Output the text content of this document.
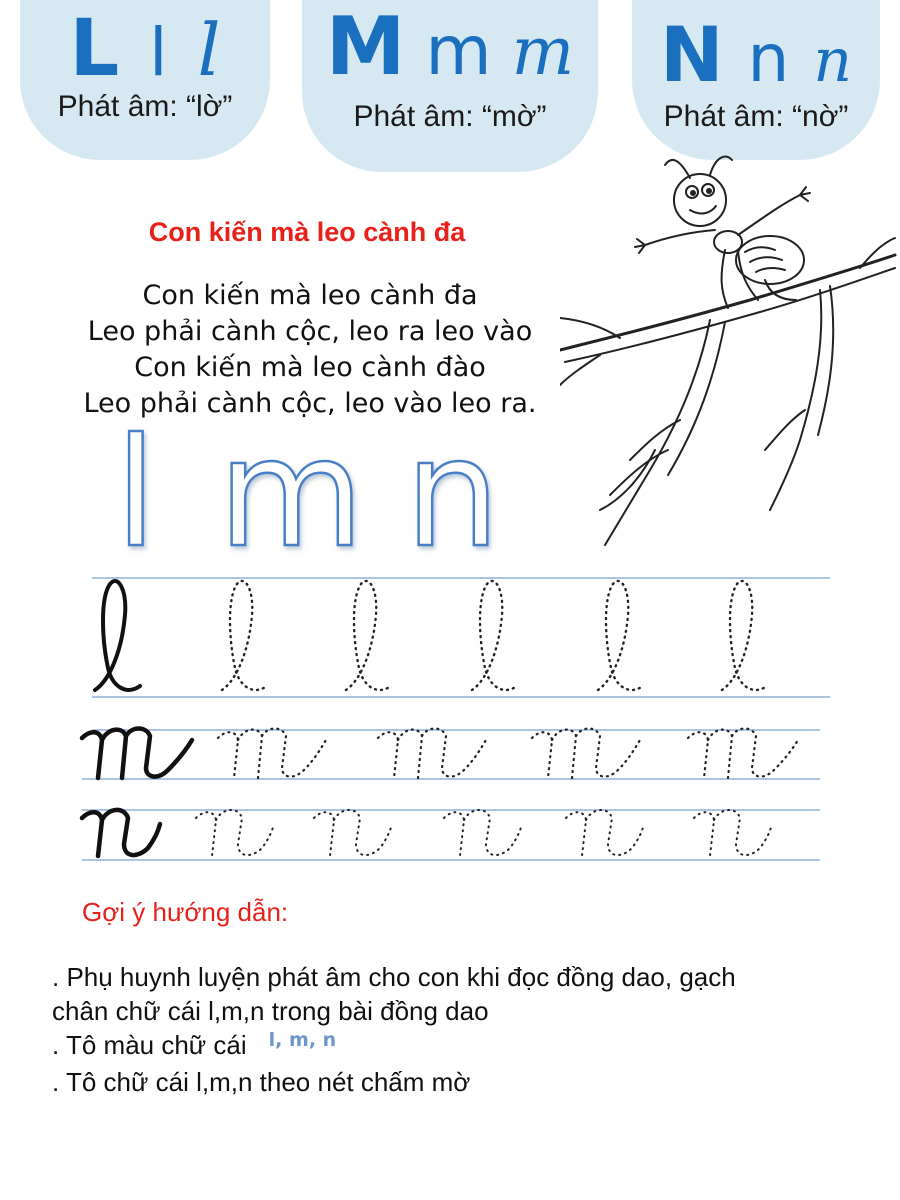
L l l
Phát âm: “lờ”
M m m
Phát âm: “mờ”
N n n
Phát âm: “nờ”
Con kiến mà leo cành đa
Con kiến mà leo cành đa
Leo phải cành cộc, leo ra leo vào
Con kiến mà leo cành đào
Leo phải cành cộc, leo vào leo ra.
l m n
Gợi ý hướng dẫn:
. Phụ huynh luyện phát âm cho con khi đọc đồng dao, gạch
chân chữ cái l,m,n trong bài đồng dao
. Tô màu chữ cái $^{l, m, n}$
. Tô chữ cái l,m,n theo nét chấm mờ
